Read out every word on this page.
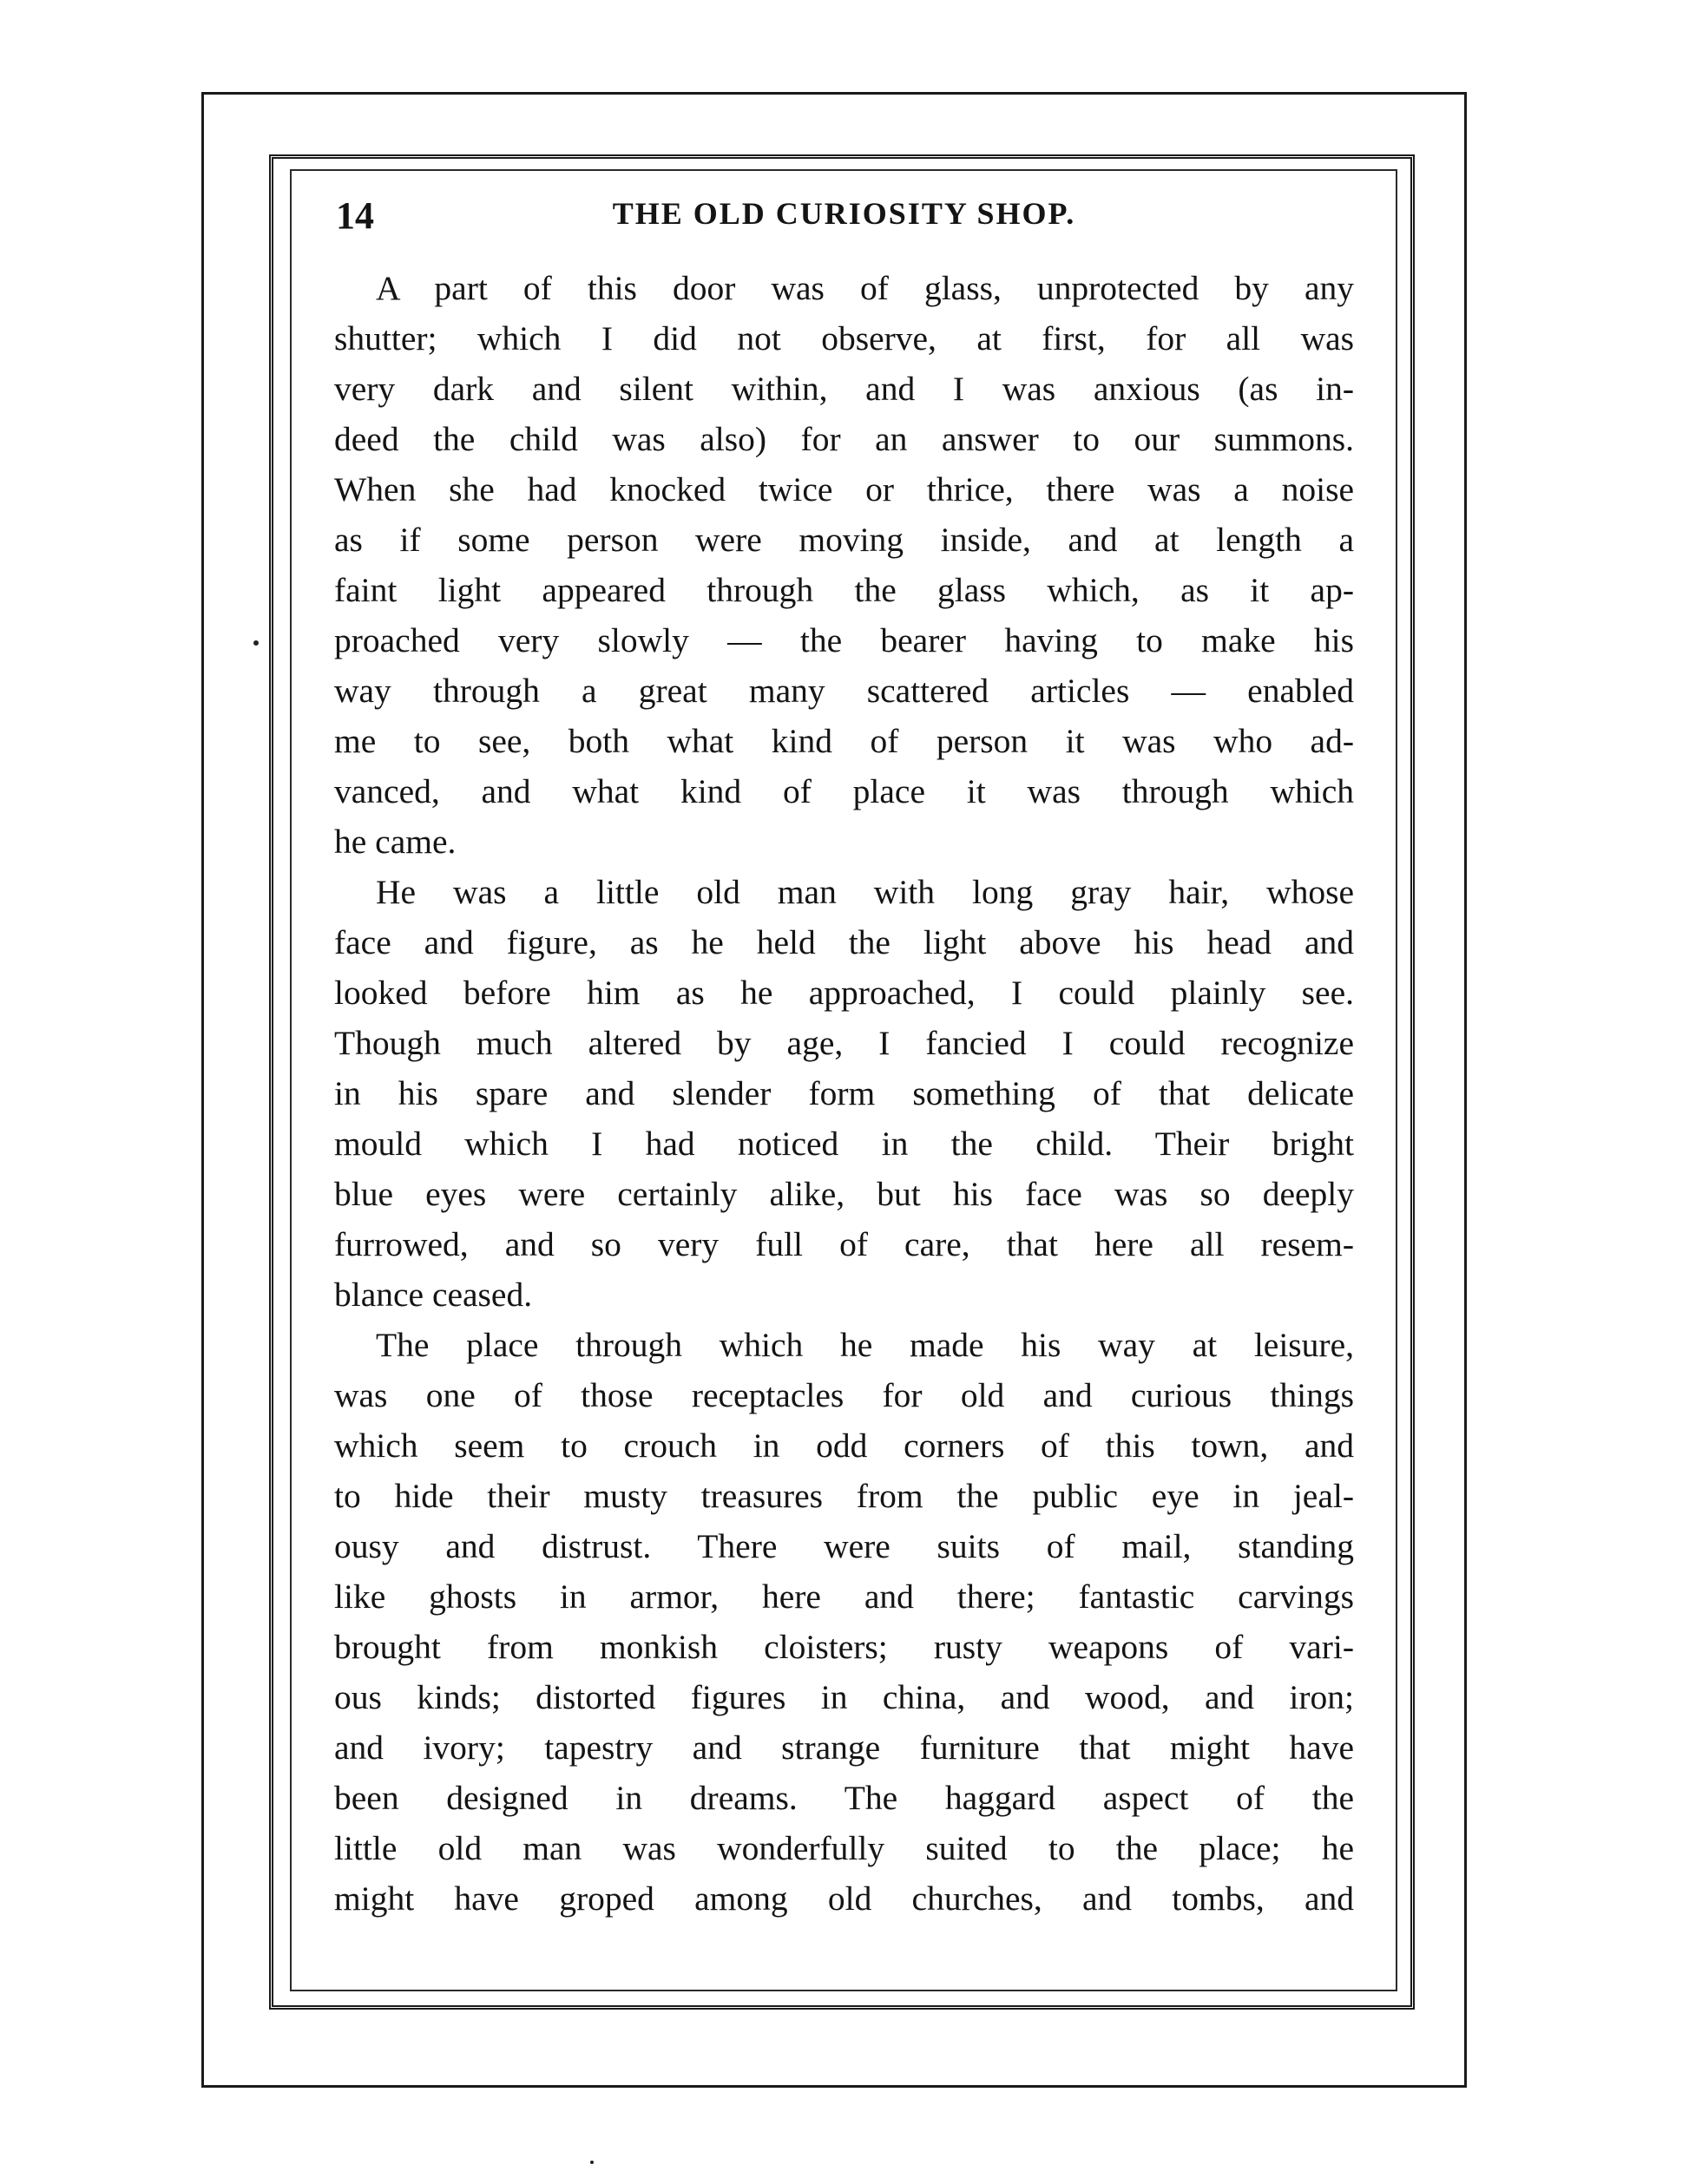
14	THE OLD CURIOSITY SHOP.
A part of this door was of glass, unprotected by any
shutter; which I did not observe, at first, for all was
very dark and silent within, and I was anxious (as in-
deed the child was also) for an answer to our summons.
When she had knocked twice or thrice, there was a noise
as if some person were moving inside, and at length a
faint light appeared through the glass which, as it ap-
proached very slowly — the bearer having to make his
way through a great many scattered articles — enabled
me to see, both what kind of person it was who ad-
vanced, and what kind of place it was through which
he came.
He was a little old man with long gray hair, whose
face and figure, as he held the light above his head and
looked before him as he approached, I could plainly see.
Though much altered by age, I fancied I could recognize
in his spare and slender form something of that delicate
mould which I had noticed in the child. Their bright
blue eyes were certainly alike, but his face was so deeply
furrowed, and so very full of care, that here all resem-
blance ceased.
The place through which he made his way at leisure,
was one of those receptacles for old and curious things
which seem to crouch in odd corners of this town, and
to hide their musty treasures from the public eye in jeal-
ousy and distrust. There were suits of mail, standing
like ghosts in armor, here and there; fantastic carvings
brought from monkish cloisters; rusty weapons of vari-
ous kinds; distorted figures in china, and wood, and iron;
and ivory; tapestry and strange furniture that might have
been designed in dreams. The haggard aspect of the
little old man was wonderfully suited to the place; he
might have groped among old churches, and tombs, and
